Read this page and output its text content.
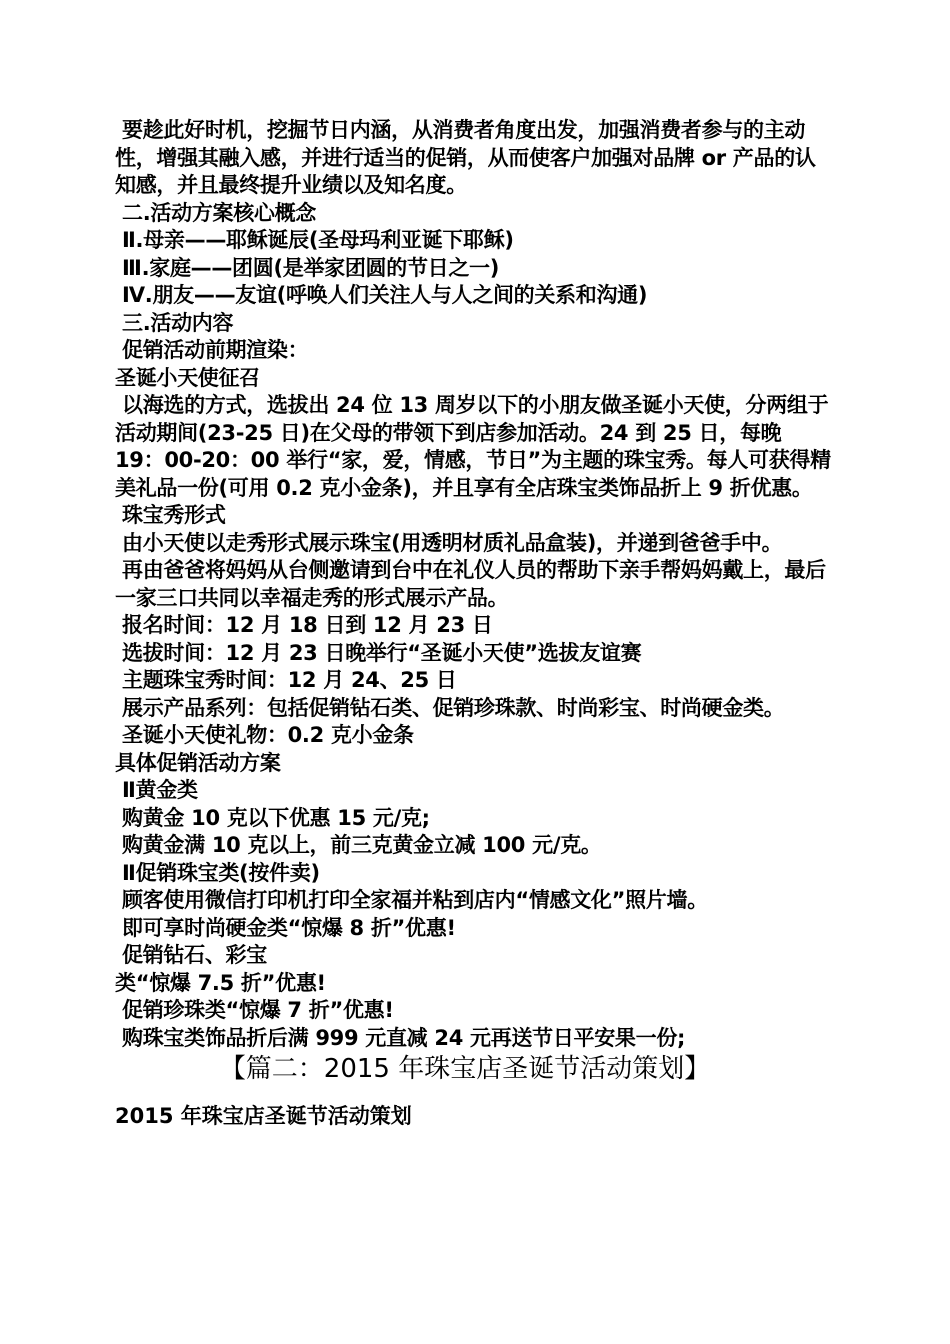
要趁此好时机，挖掘节日内涵，从消费者角度出发，加强消费者参与的主动性，增强其融入感，并进行适当的促销，从而使客户加强对品牌 or 产品的认知感，并且最终提升业绩以及知名度。

二.活动方案核心概念

Ⅱ.母亲——耶稣诞辰(圣母玛利亚诞下耶稣)

Ⅲ.家庭——团圆(是举家团圆的节日之一)

Ⅳ.朋友——友谊(呼唤人们关注人与人之间的关系和沟通)

三.活动内容

促销活动前期渲染：

圣诞小天使征召

以海选的方式，选拔出 24 位 13 周岁以下的小朋友做圣诞小天使，分两组于活动期间(23-25 日)在父母的带领下到店参加活动。24 到 25 日，每晚 19：00-20：00 举行“家，爱，情感，节日”为主题的珠宝秀。每人可获得精美礼品一份(可用 0.2 克小金条)，并且享有全店珠宝类饰品折上 9 折优惠。

珠宝秀形式

由小天使以走秀形式展示珠宝(用透明材质礼品盒装)，并递到爸爸手中。

再由爸爸将妈妈从台侧邀请到台中在礼仪人员的帮助下亲手帮妈妈戴上，最后一家三口共同以幸福走秀的形式展示产品。

报名时间：12 月 18 日到 12 月 23 日

选拔时间：12 月 23 日晚举行“圣诞小天使”选拔友谊赛

主题珠宝秀时间：12 月 24、25 日

展示产品系列：包括促销钻石类、促销珍珠款、时尚彩宝、时尚硬金类。

圣诞小天使礼物：0.2 克小金条

具体促销活动方案

Ⅱ黄金类

购黄金 10 克以下优惠 15 元/克;

购黄金满 10 克以上，前三克黄金立减 100 元/克。

Ⅱ促销珠宝类(按件卖)

顾客使用微信打印机打印全家福并粘到店内“情感文化”照片墙。

即可享时尚硬金类“惊爆 8 折”优惠!

促销钻石、彩宝

类“惊爆 7.5 折”优惠!

促销珍珠类“惊爆 7 折”优惠!

购珠宝类饰品折后满 999 元直减 24 元再送节日平安果一份;

【篇二：2015 年珠宝店圣诞节活动策划】

2015 年珠宝店圣诞节活动策划
